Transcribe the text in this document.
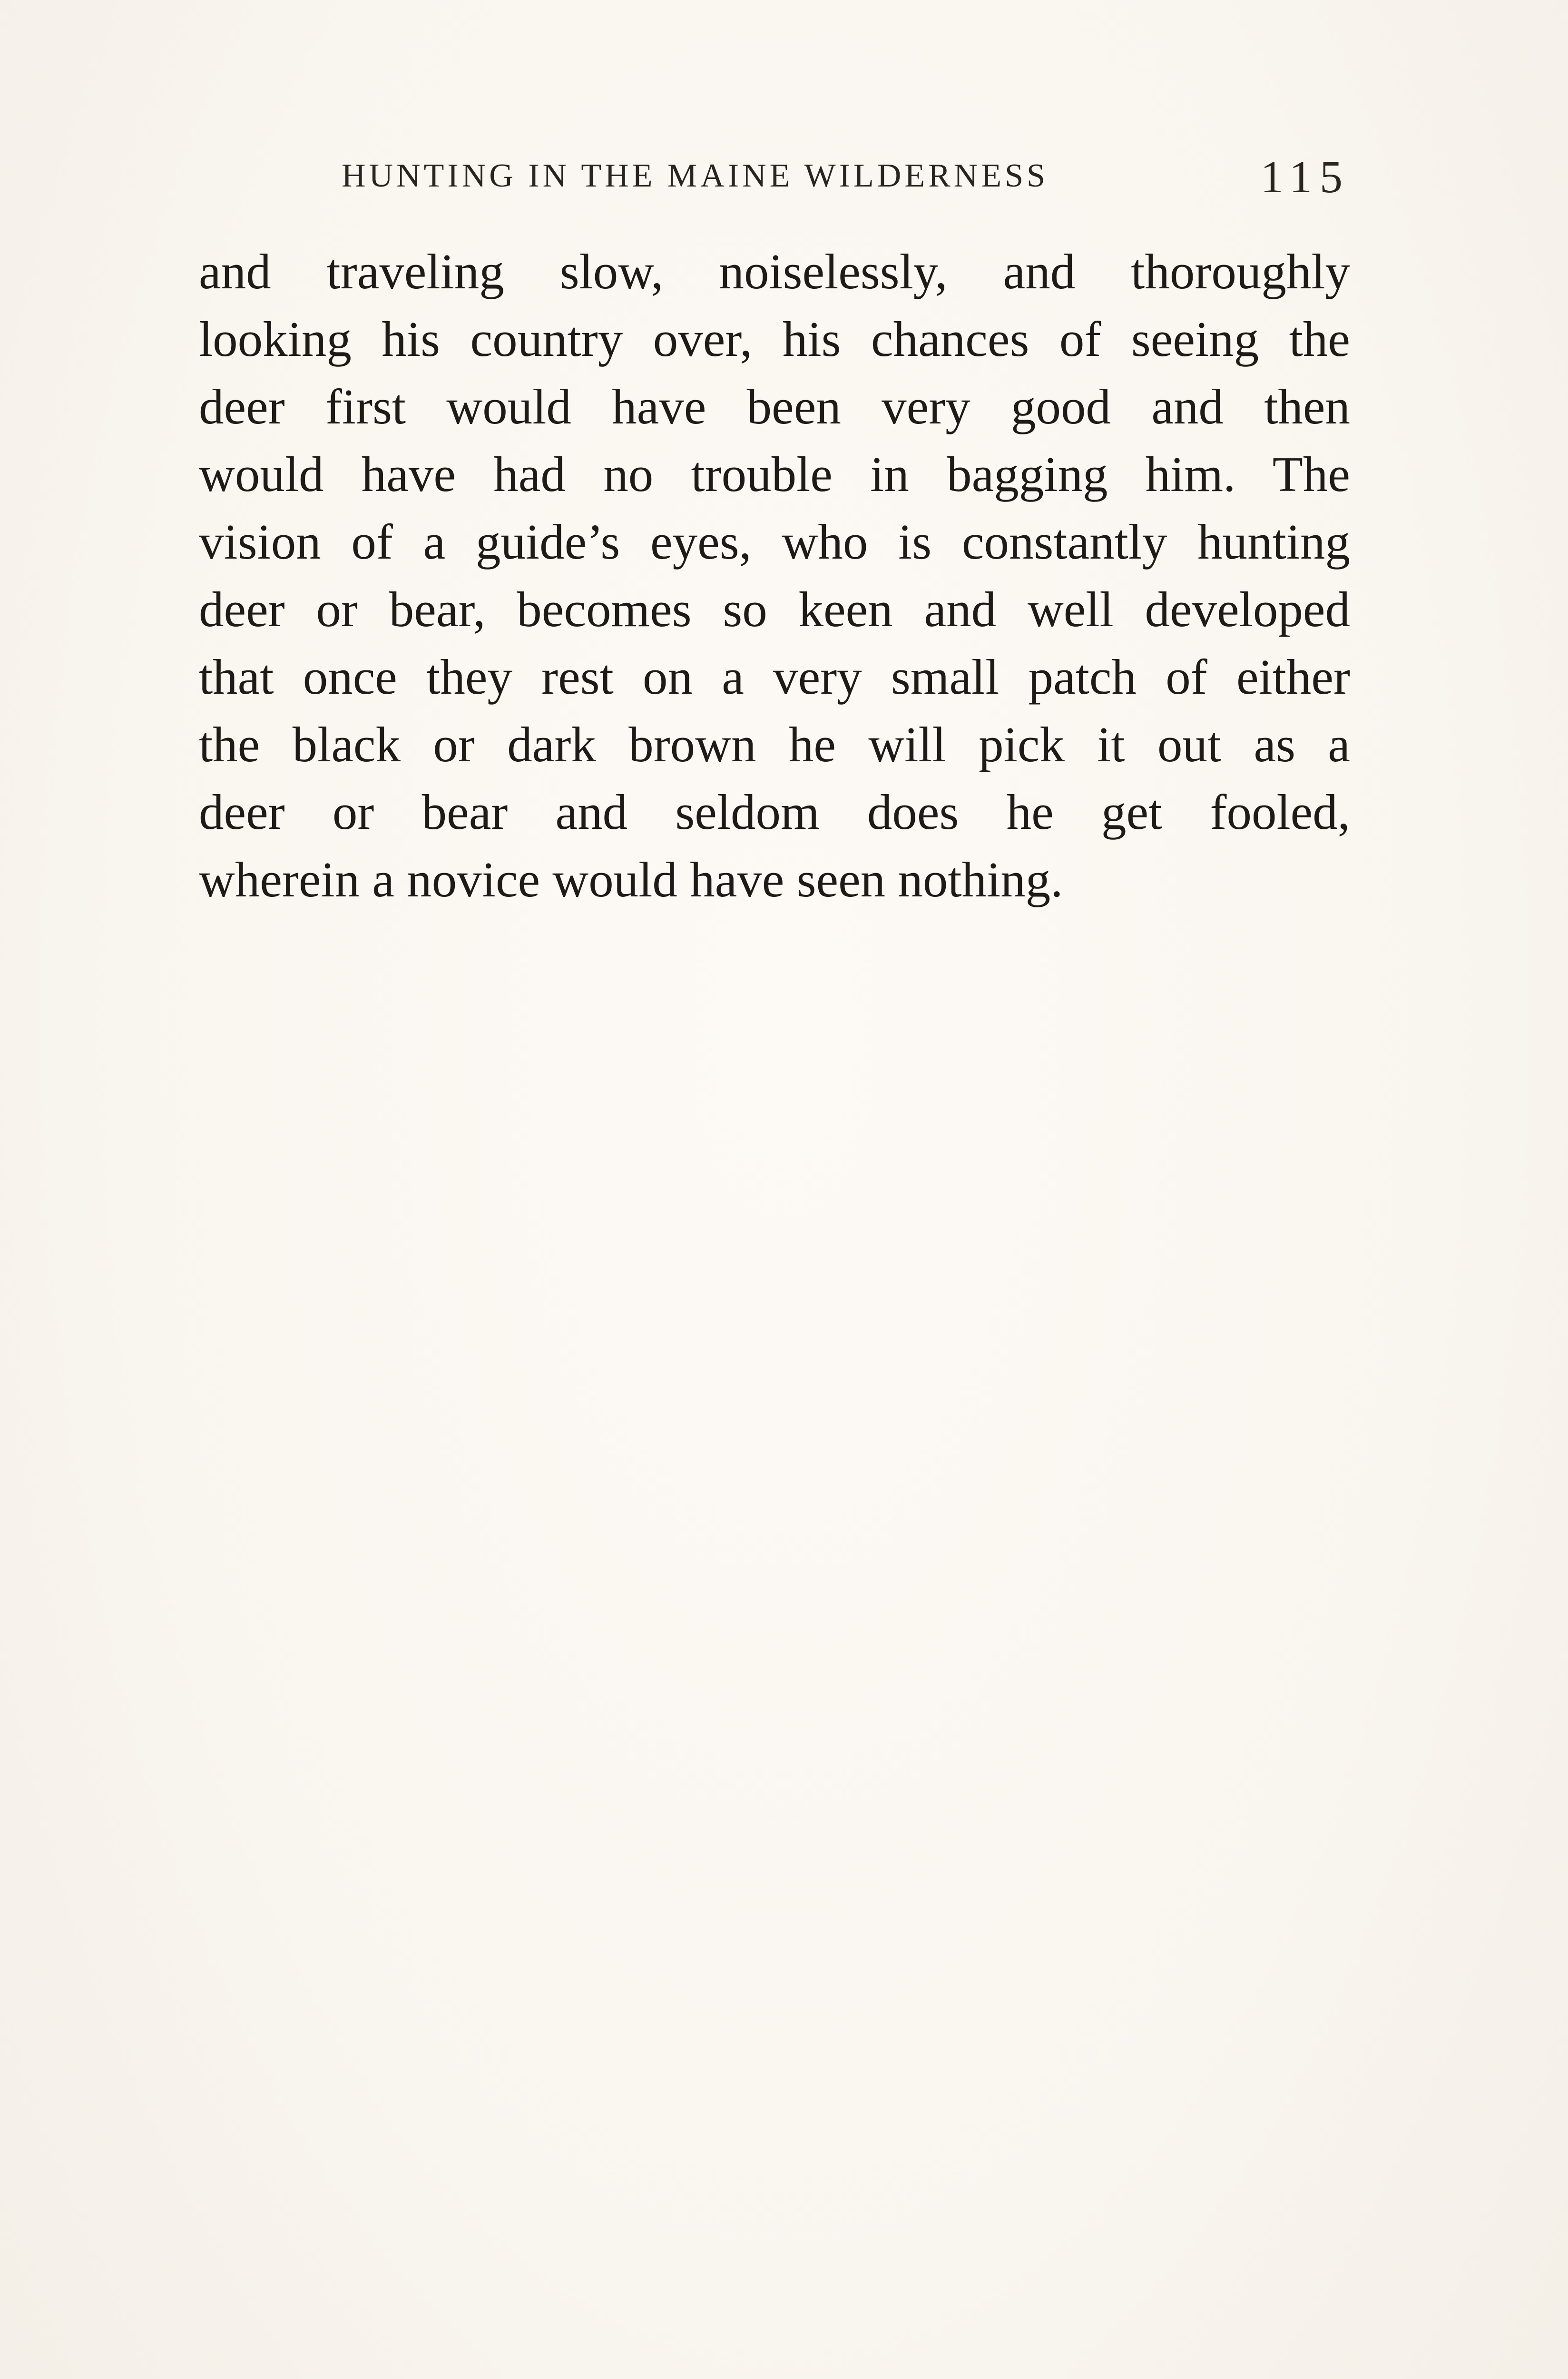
HUNTING IN THE MAINE WILDERNESS	115
and traveling slow, noiselessly, and thoroughly
looking his country over, his chances of seeing the
deer first would have been very good and then
would have had no trouble in bagging him. The
vision of a guide’s eyes, who is constantly hunting
deer or bear, becomes so keen and well developed
that once they rest on a very small patch of either
the black or dark brown he will pick it out as a
deer or bear and seldom does he get fooled,
wherein a novice would have seen nothing.
